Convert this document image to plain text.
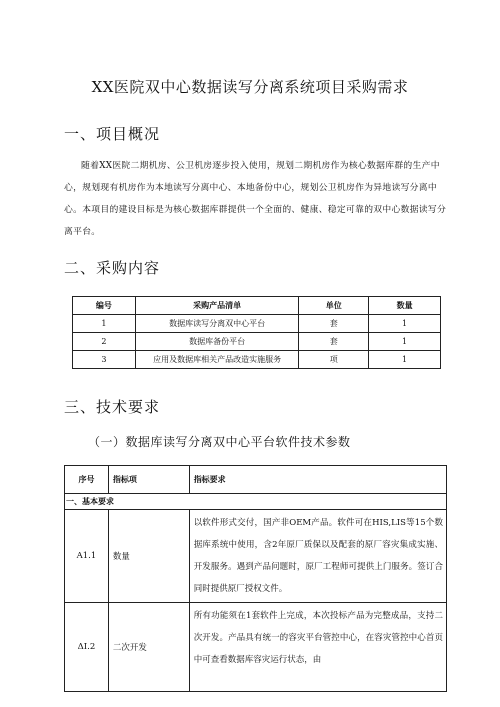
XX医院双中心数据读写分离系统项目采购需求
一、项目概况

随着XX医院二期机房、公卫机房逐步投入使用，规划二期机房作为核心数据库群的生产中心，规划现有机房作为本地读写分离中心、本地备份中心，规划公卫机房作为异地读写分离中心。本项目的建设目标是为核心数据库群提供一个全面的、健康、稳定可靠的双中心数据读写分离平台。

二、采购内容
编号	采购产品清单	单位	数量
1	数据库读写分离双中心平台	套	1
2	数据库备份平台	套	1
3	应用及数据库相关产品改造实施服务	项	1
三、技术要求
（一）数据库读写分离双中心平台软件技术参数
序号	指标项	指标要求
一、基本要求		
A1.1	数量	以软件形式交付，国产非OEM产品。软件可在HIS,LIS等15个数据库系统中使用，含2年原厂质保以及配套的原厂容灾集成实施、开发服务。遇到产品问题时，原厂工程师可提供上门服务。签订合同时提供原厂授权文件。
ΔI.2	二次开发	所有功能须在1套软件上完成，本次投标产品为完整成品，支持二次开发。产品具有统一的容灾平台管控中心，在容灾管控中心首页中可查看数据库容灾运行状态，由
